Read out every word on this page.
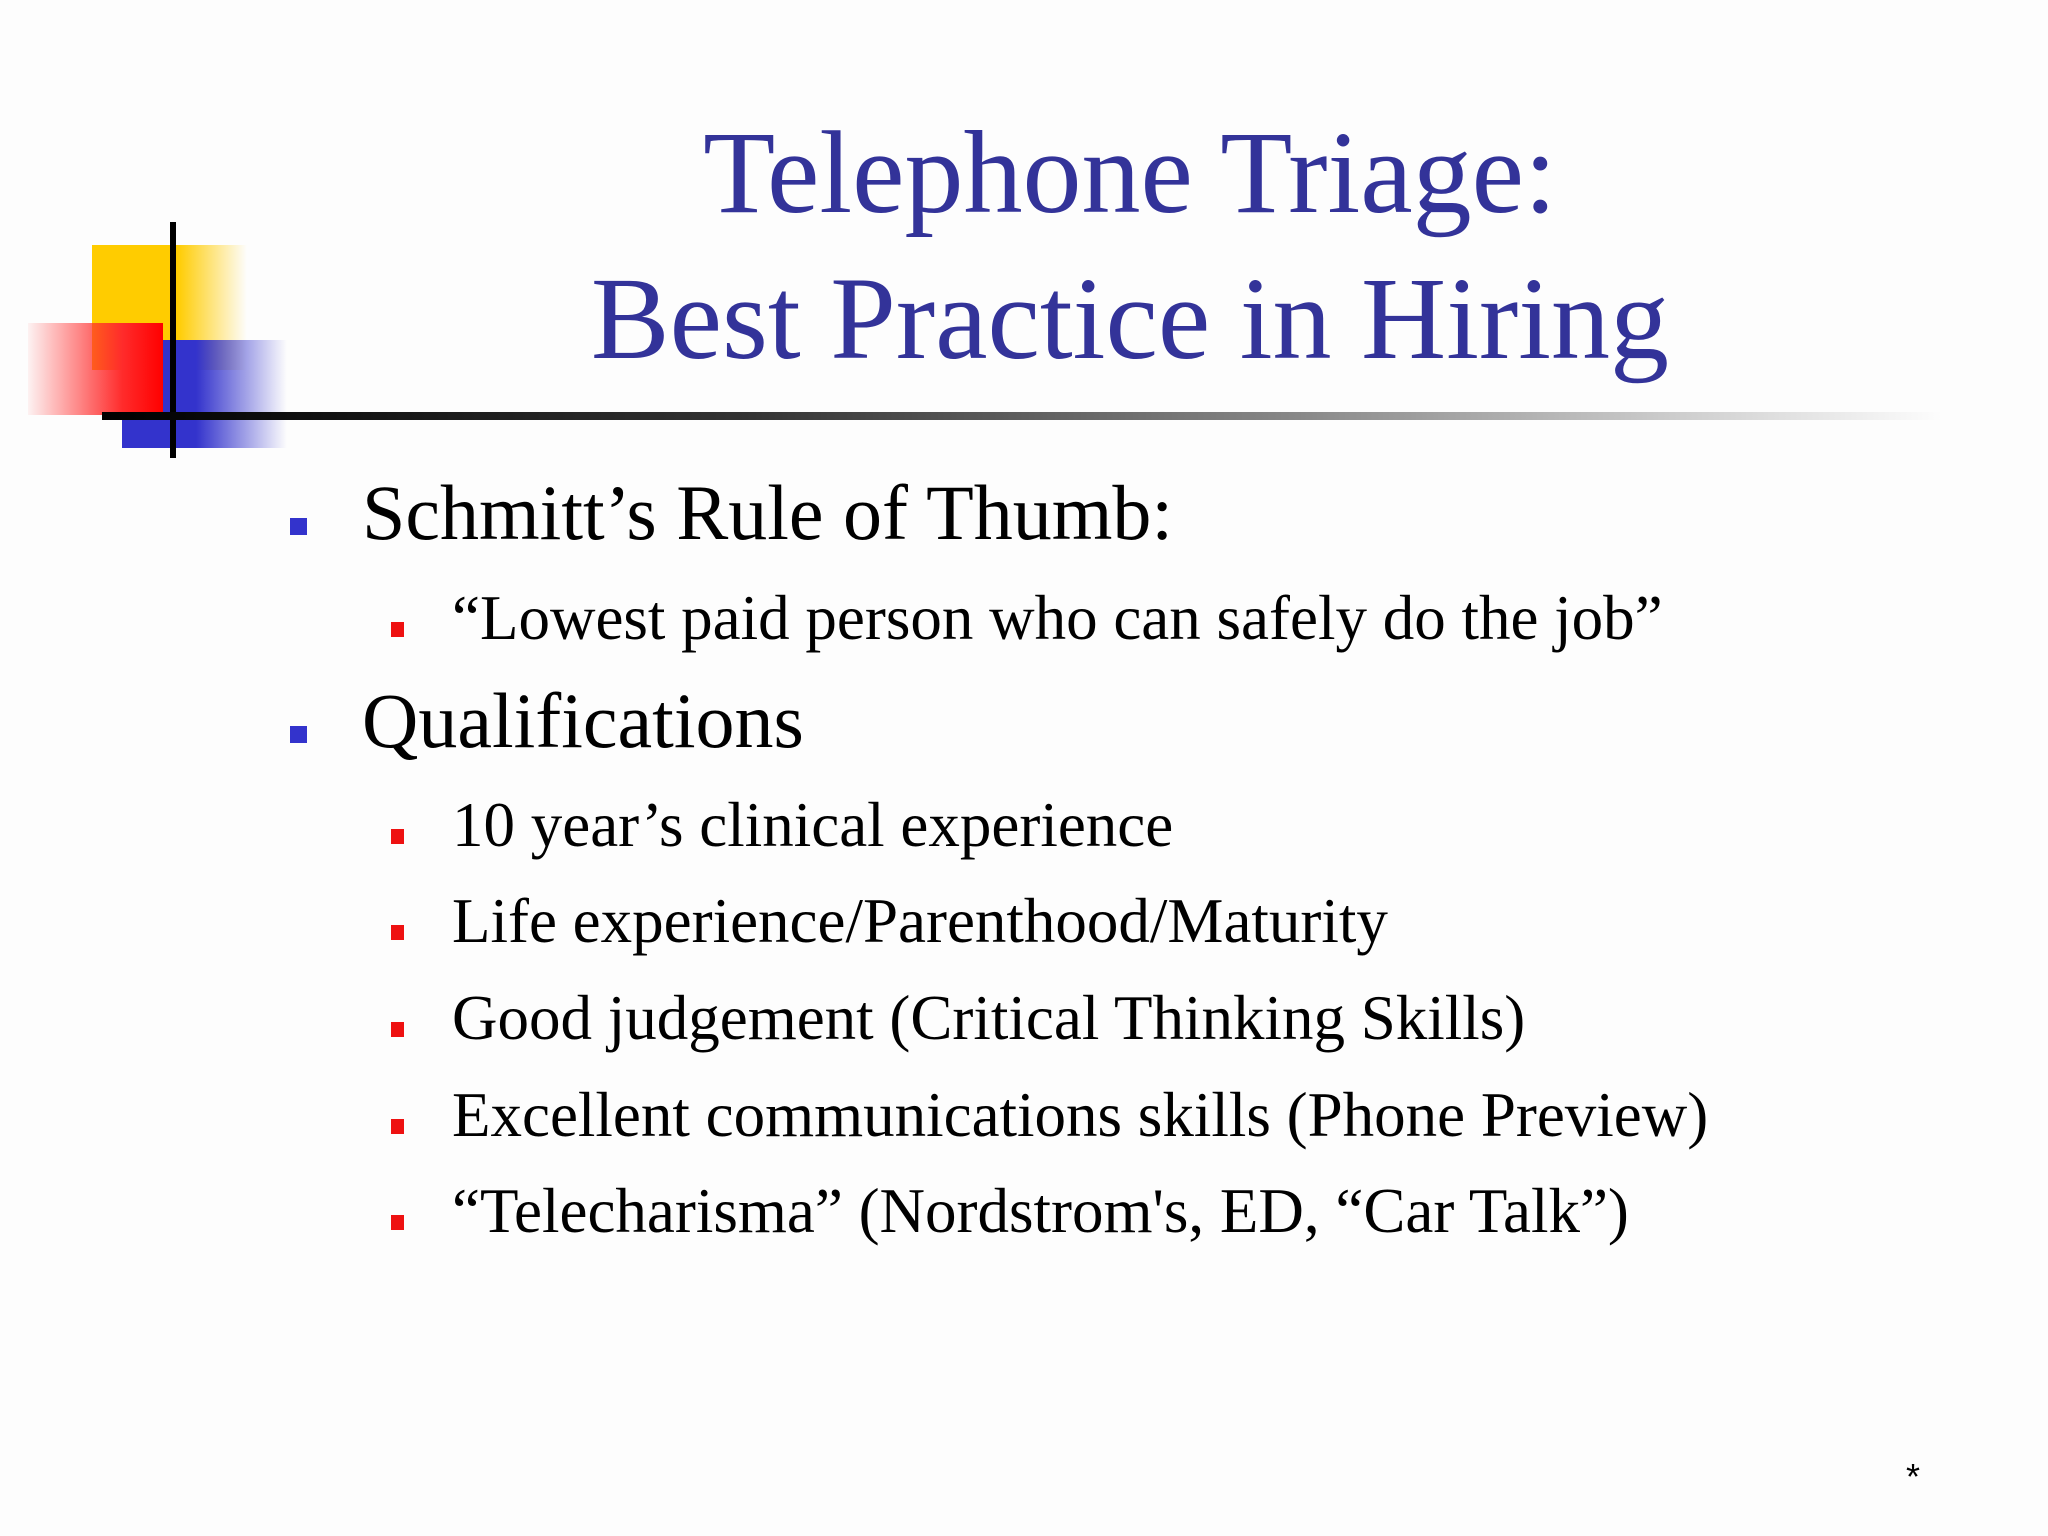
Telephone Triage:
Best Practice in Hiring
Schmitt’s Rule of Thumb:
“Lowest paid person who can safely do the job”
Qualifications
10 year’s clinical experience
Life experience/Parenthood/Maturity
Good judgement (Critical Thinking Skills)
Excellent communications skills (Phone Preview)
“Telecharisma” (Nordstrom's, ED, “Car Talk”)
*
